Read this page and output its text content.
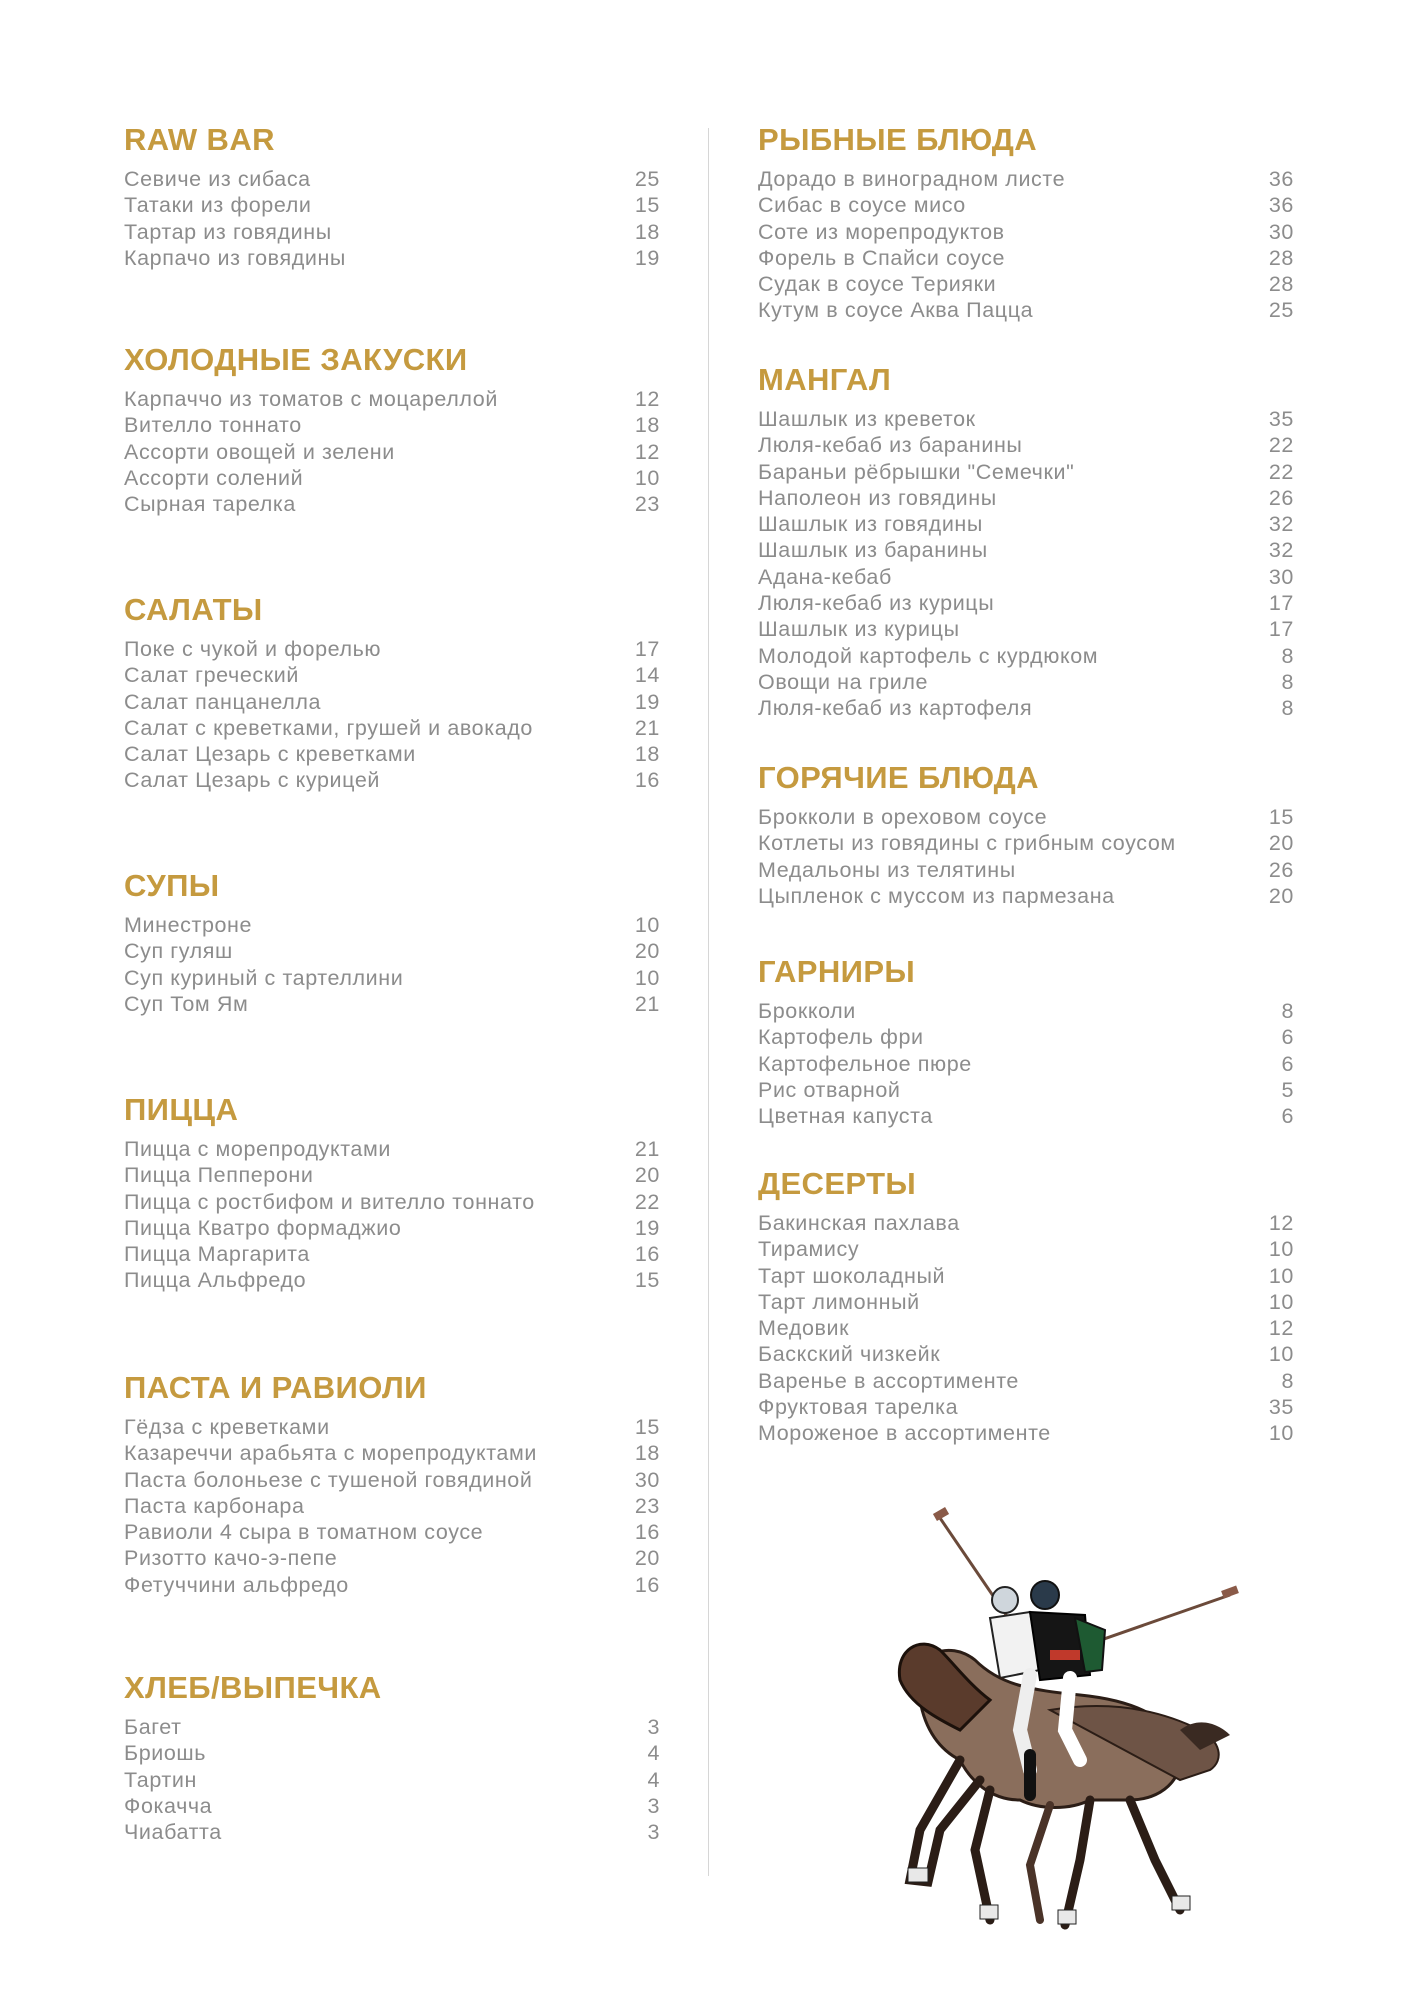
RAW BAR
Севиче из сибаса	25
Татаки из форели	15
Тартар из говядины	18
Карпачо из говядины	19
ХОЛОДНЫЕ ЗАКУСКИ
Карпаччо из томатов с моцареллой	12
Вителло тоннато	18
Ассорти овощей и зелени	12
Ассорти солений	10
Сырная тарелка	23
САЛАТЫ
Поке с чукой и форелью	17
Салат греческий	14
Салат панцанелла	19
Салат с креветками, грушей и авокадо	21
Салат Цезарь с креветками	18
Салат Цезарь с курицей	16
СУПЫ
Минестроне	10
Суп гуляш	20
Суп куриный с тартеллини	10
Суп Том Ям	21
ПИЦЦА
Пицца с морепродуктами	21
Пицца Пепперони	20
Пицца с ростбифом и вителло тоннато	22
Пицца Кватро формаджио	19
Пицца Маргарита	16
Пицца Альфредо	15
ПАСТА И РАВИОЛИ
Гёдза с креветками	15
Казареччи арабьята с морепродуктами	18
Паста болоньезе с тушеной говядиной	30
Паста карбонара	23
Равиоли 4 сыра в томатном соусе	16
Ризотто качо-э-пепе	20
Фетуччини альфредо	16
ХЛЕБ/ВЫПЕЧКА
Багет	3
Бриошь	4
Тартин	4
Фокачча	3
Чиабатта	3
РЫБНЫЕ БЛЮДА
Дорадо в виноградном листе	36
Сибас в соусе мисо	36
Соте из морепродуктов	30
Форель в Спайси соусе	28
Судак в соусе Терияки	28
Кутум в соусе Аква Пацца	25
МАНГАЛ
Шашлык из креветок	35
Люля-кебаб из баранины	22
Бараньи рёбрышки "Семечки"	22
Наполеон из говядины	26
Шашлык из говядины	32
Шашлык из баранины	32
Адана-кебаб	30
Люля-кебаб из курицы	17
Шашлык из курицы	17
Молодой картофель с курдюком	8
Овощи на гриле	8
Люля-кебаб из картофеля	8
ГОРЯЧИЕ БЛЮДА
Брокколи в ореховом соусе	15
Котлеты из говядины с грибным соусом	20
Медальоны из телятины	26
Цыпленок с муссом из пармезана	20
ГАРНИРЫ
Брокколи	8
Картофель фри	6
Картофельное пюре	6
Рис отварной	5
Цветная капуста	6
ДЕСЕРТЫ
Бакинская пахлава	12
Тирамису	10
Тарт шоколадный	10
Тарт лимонный	10
Медовик	12
Баскский чизкейк	10
Варенье в ассортименте	8
Фруктовая тарелка	35
Мороженое в ассортименте	10
